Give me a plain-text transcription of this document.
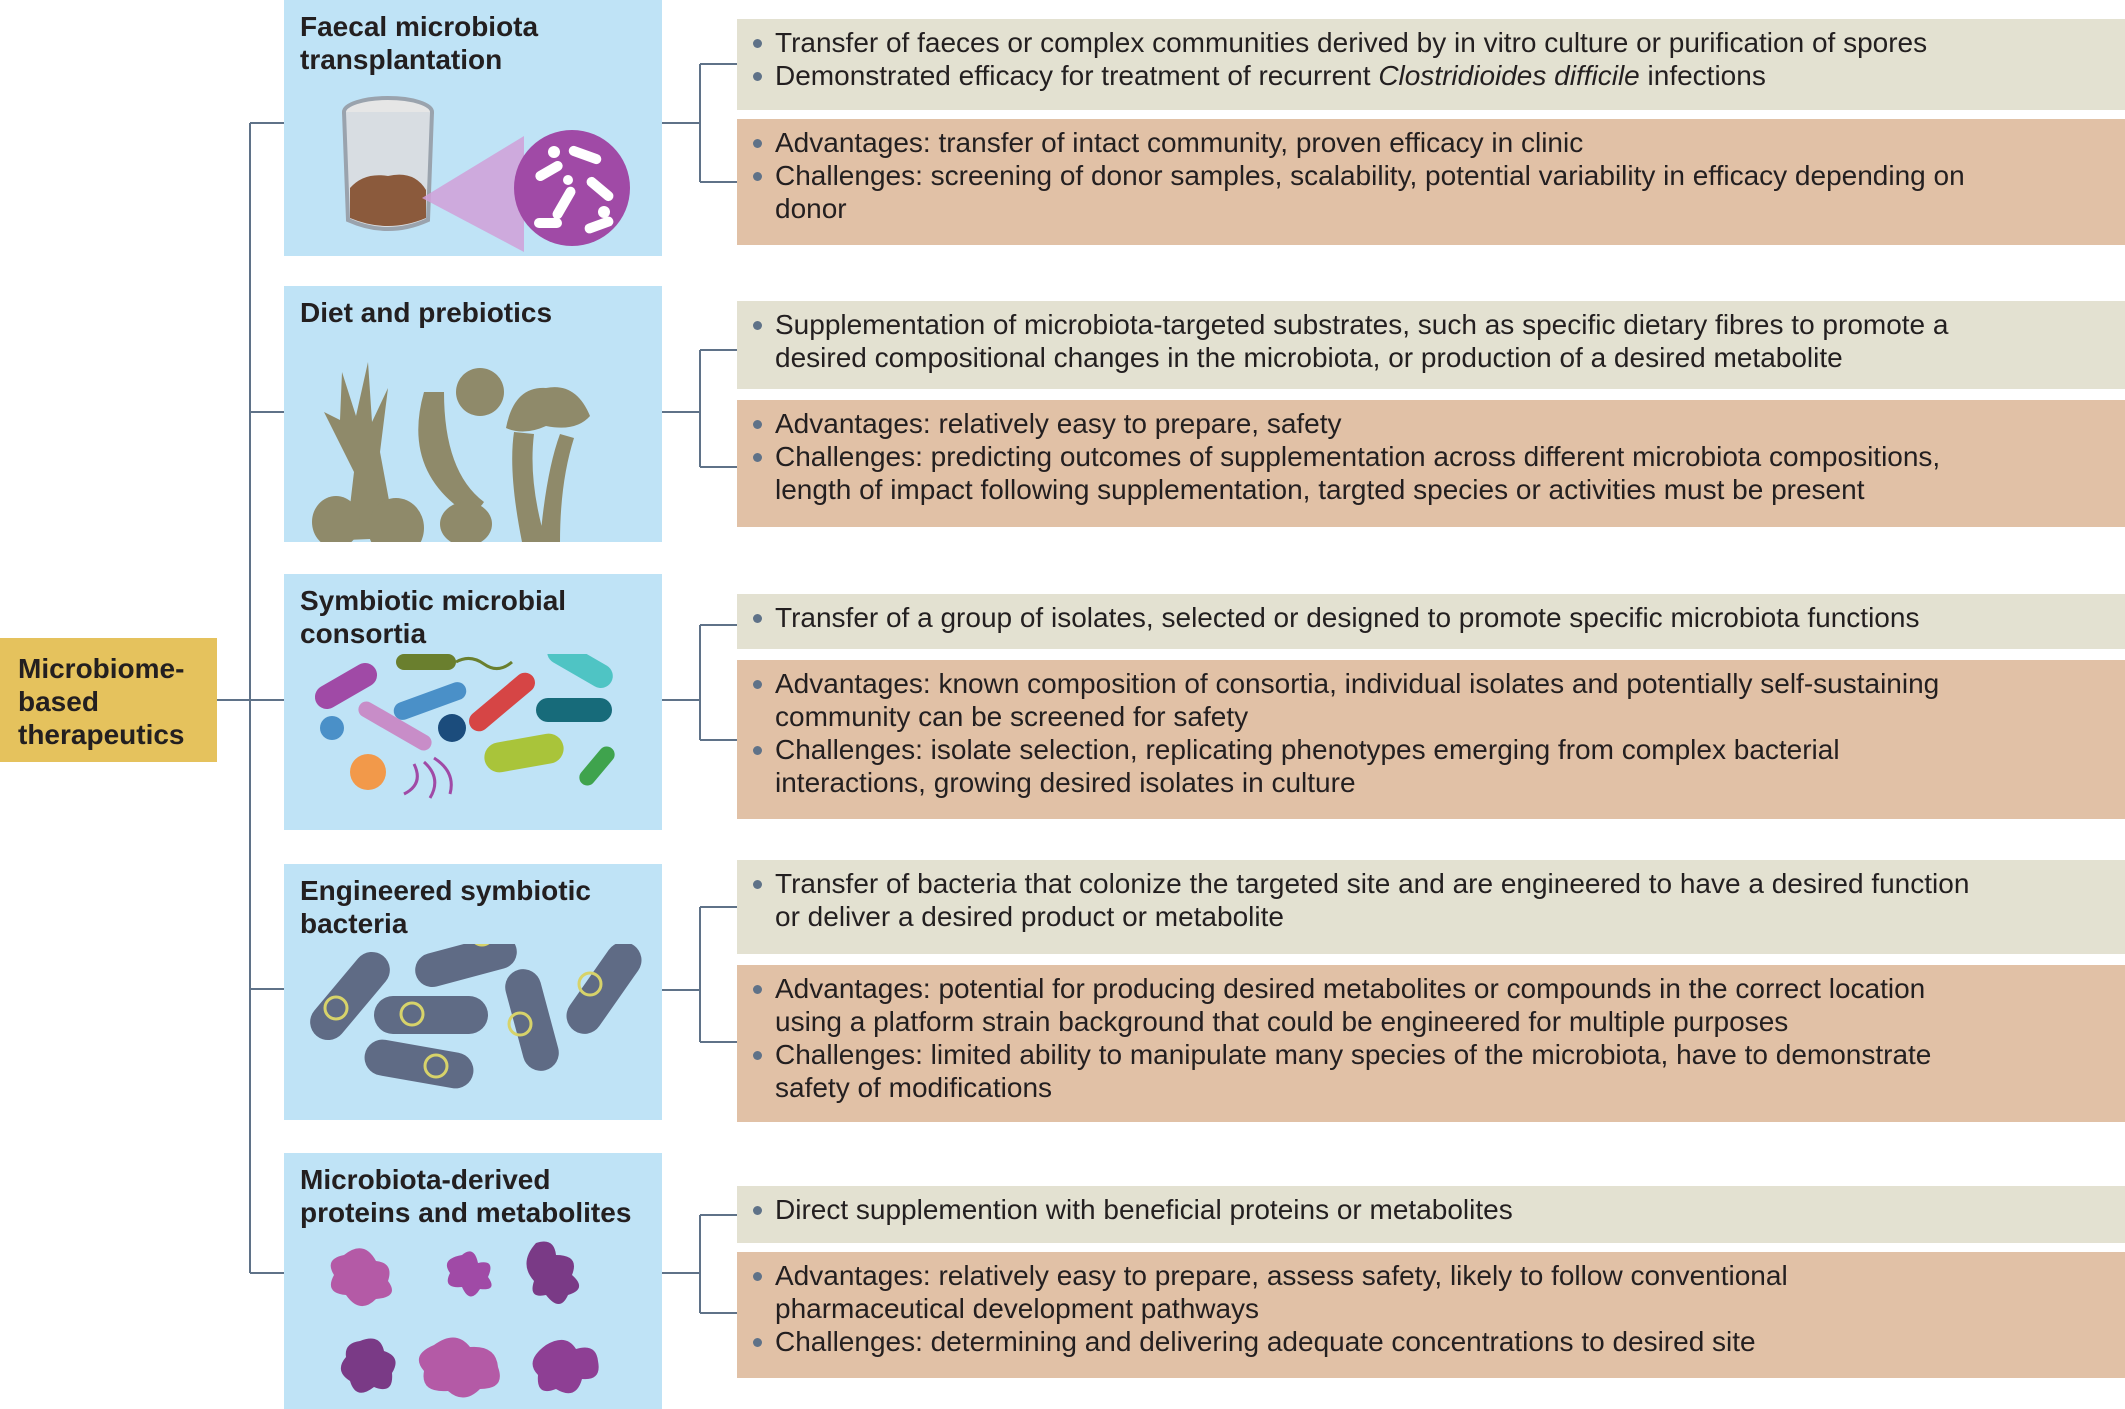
Microbiome-
based
therapeutics
Faecal microbiota
transplantation
Transfer of faeces or complex communities derived by in vitro culture or purification of spores
Demonstrated efficacy for treatment of recurrent Clostridioides difficile infections
Advantages: transfer of intact community, proven efficacy in clinic
Challenges: screening of donor samples, scalability, potential variability in efficacy depending on
donor
Diet and prebiotics	Supplementation of microbiota-targeted substrates, such as specific dietary fibres to promote a
desired compositional changes in the microbiota, or production of a desired metabolite
Advantages: relatively easy to prepare, safety
Challenges: predicting outcomes of supplementation across different microbiota compositions,
length of impact following supplementation, targted species or activities must be present
Symbiotic microbial
consortia
Transfer of a group of isolates, selected or designed to promote specific microbiota functions
Advantages: known composition of consortia, individual isolates and potentially self-sustaining
community can be screened for safety
Challenges: isolate selection, replicating phenotypes emerging from complex bacterial
interactions, growing desired isolates in culture
Engineered symbiotic
bacteria
Transfer of bacteria that colonize the targeted site and are engineered to have a desired function
or deliver a desired product or metabolite
Advantages: potential for producing desired metabolites or compounds in the correct location
using a platform strain background that could be engineered for multiple purposes
Challenges: limited ability to manipulate many species of the microbiota, have to demonstrate
safety of modifications
Microbiota-derived
proteins and metabolites	Direct supplemention with beneficial proteins or metabolites
Advantages: relatively easy to prepare, assess safety, likely to follow conventional
pharmaceutical development pathways
Challenges: determining and delivering adequate concentrations to desired site
